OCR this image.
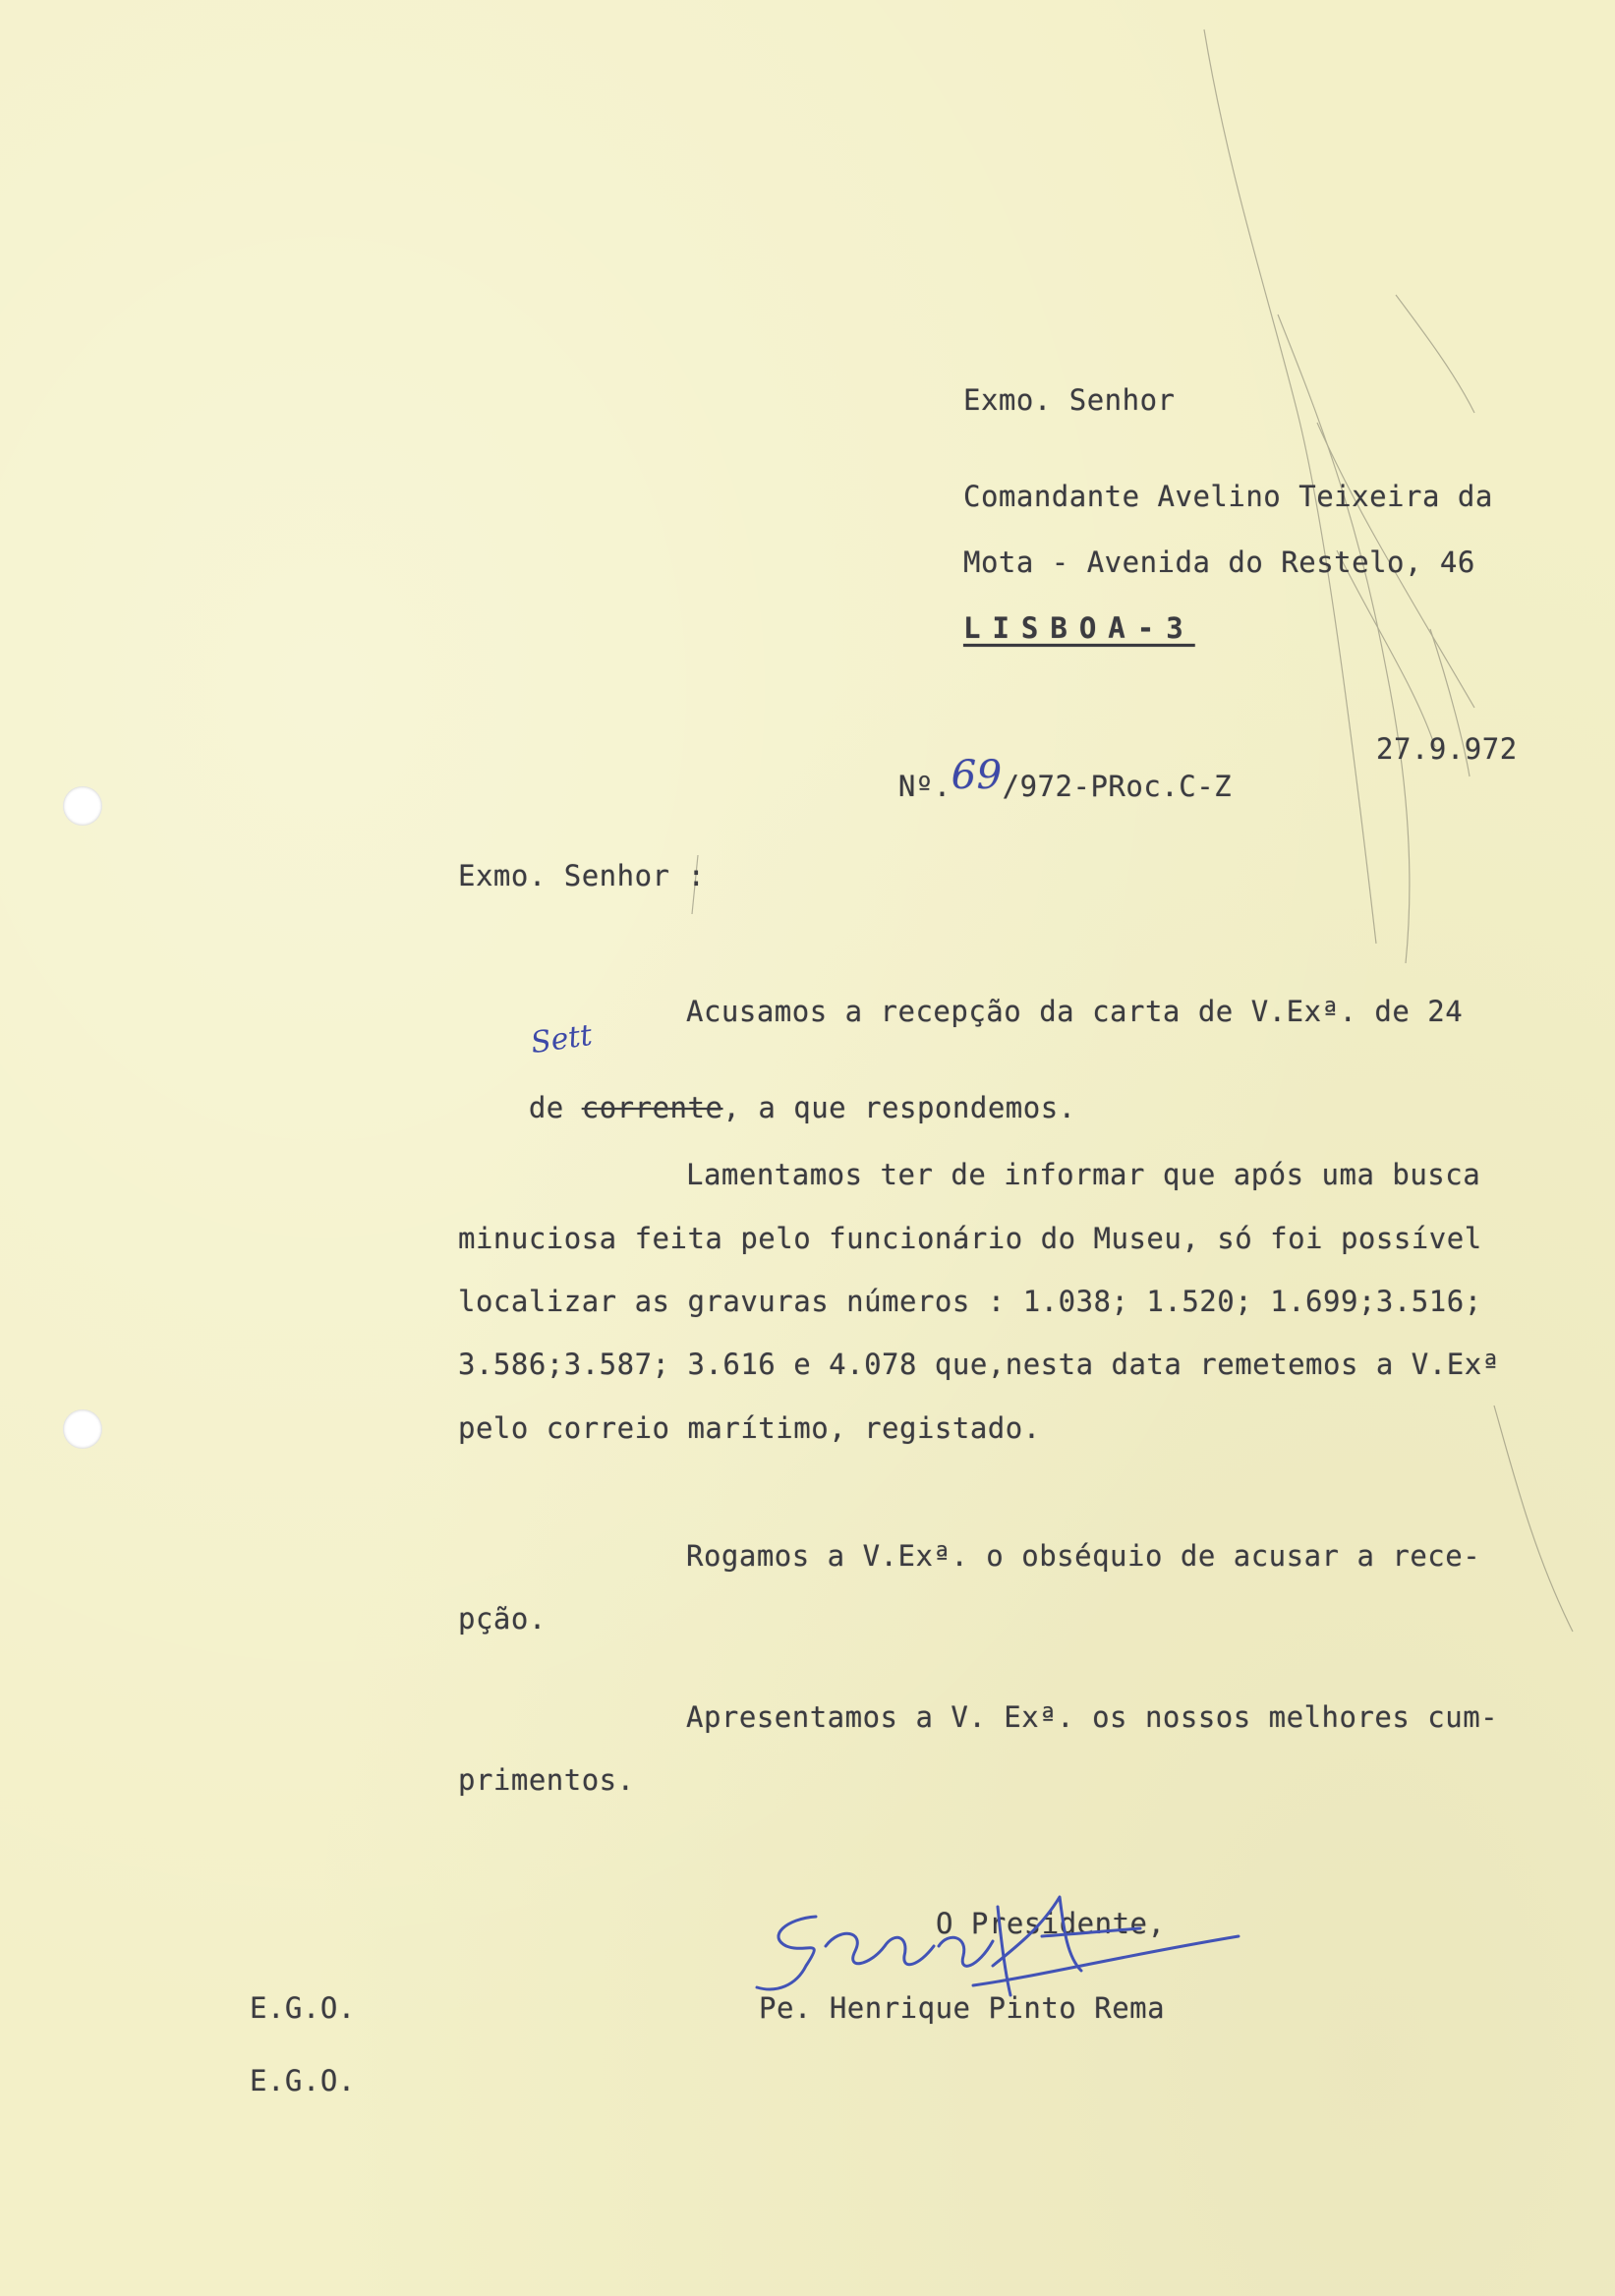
Exmo. Senhor
Comandante Avelino Teixeira da
Mota - Avenida do Restelo, 46
LISBOA-3

Nº.69/972-PRoc.C-Z

27.9.972
Exmo. Senhor :
Acusamos a recepção da carta de V.Exª. de 24

de corrente, a que respondemos.

Sett
Lamentamos ter de informar que após uma busca
minuciosa feita pelo funcionário do Museu, só foi possível
localizar as gravuras números : 1.038; 1.520; 1.699;3.516;
3.586;3.587; 3.616 e 4.078 que,nesta data remetemos a V.Exª
pelo correio marítimo, registado.
Rogamos a V.Exª. o obséquio de acusar a rece-
pção.
Apresentamos a V. Exª. os nossos melhores cum-
primentos.
O Presidente,
Pe. Henrique Pinto Rema
E.G.O.
E.G.O.
